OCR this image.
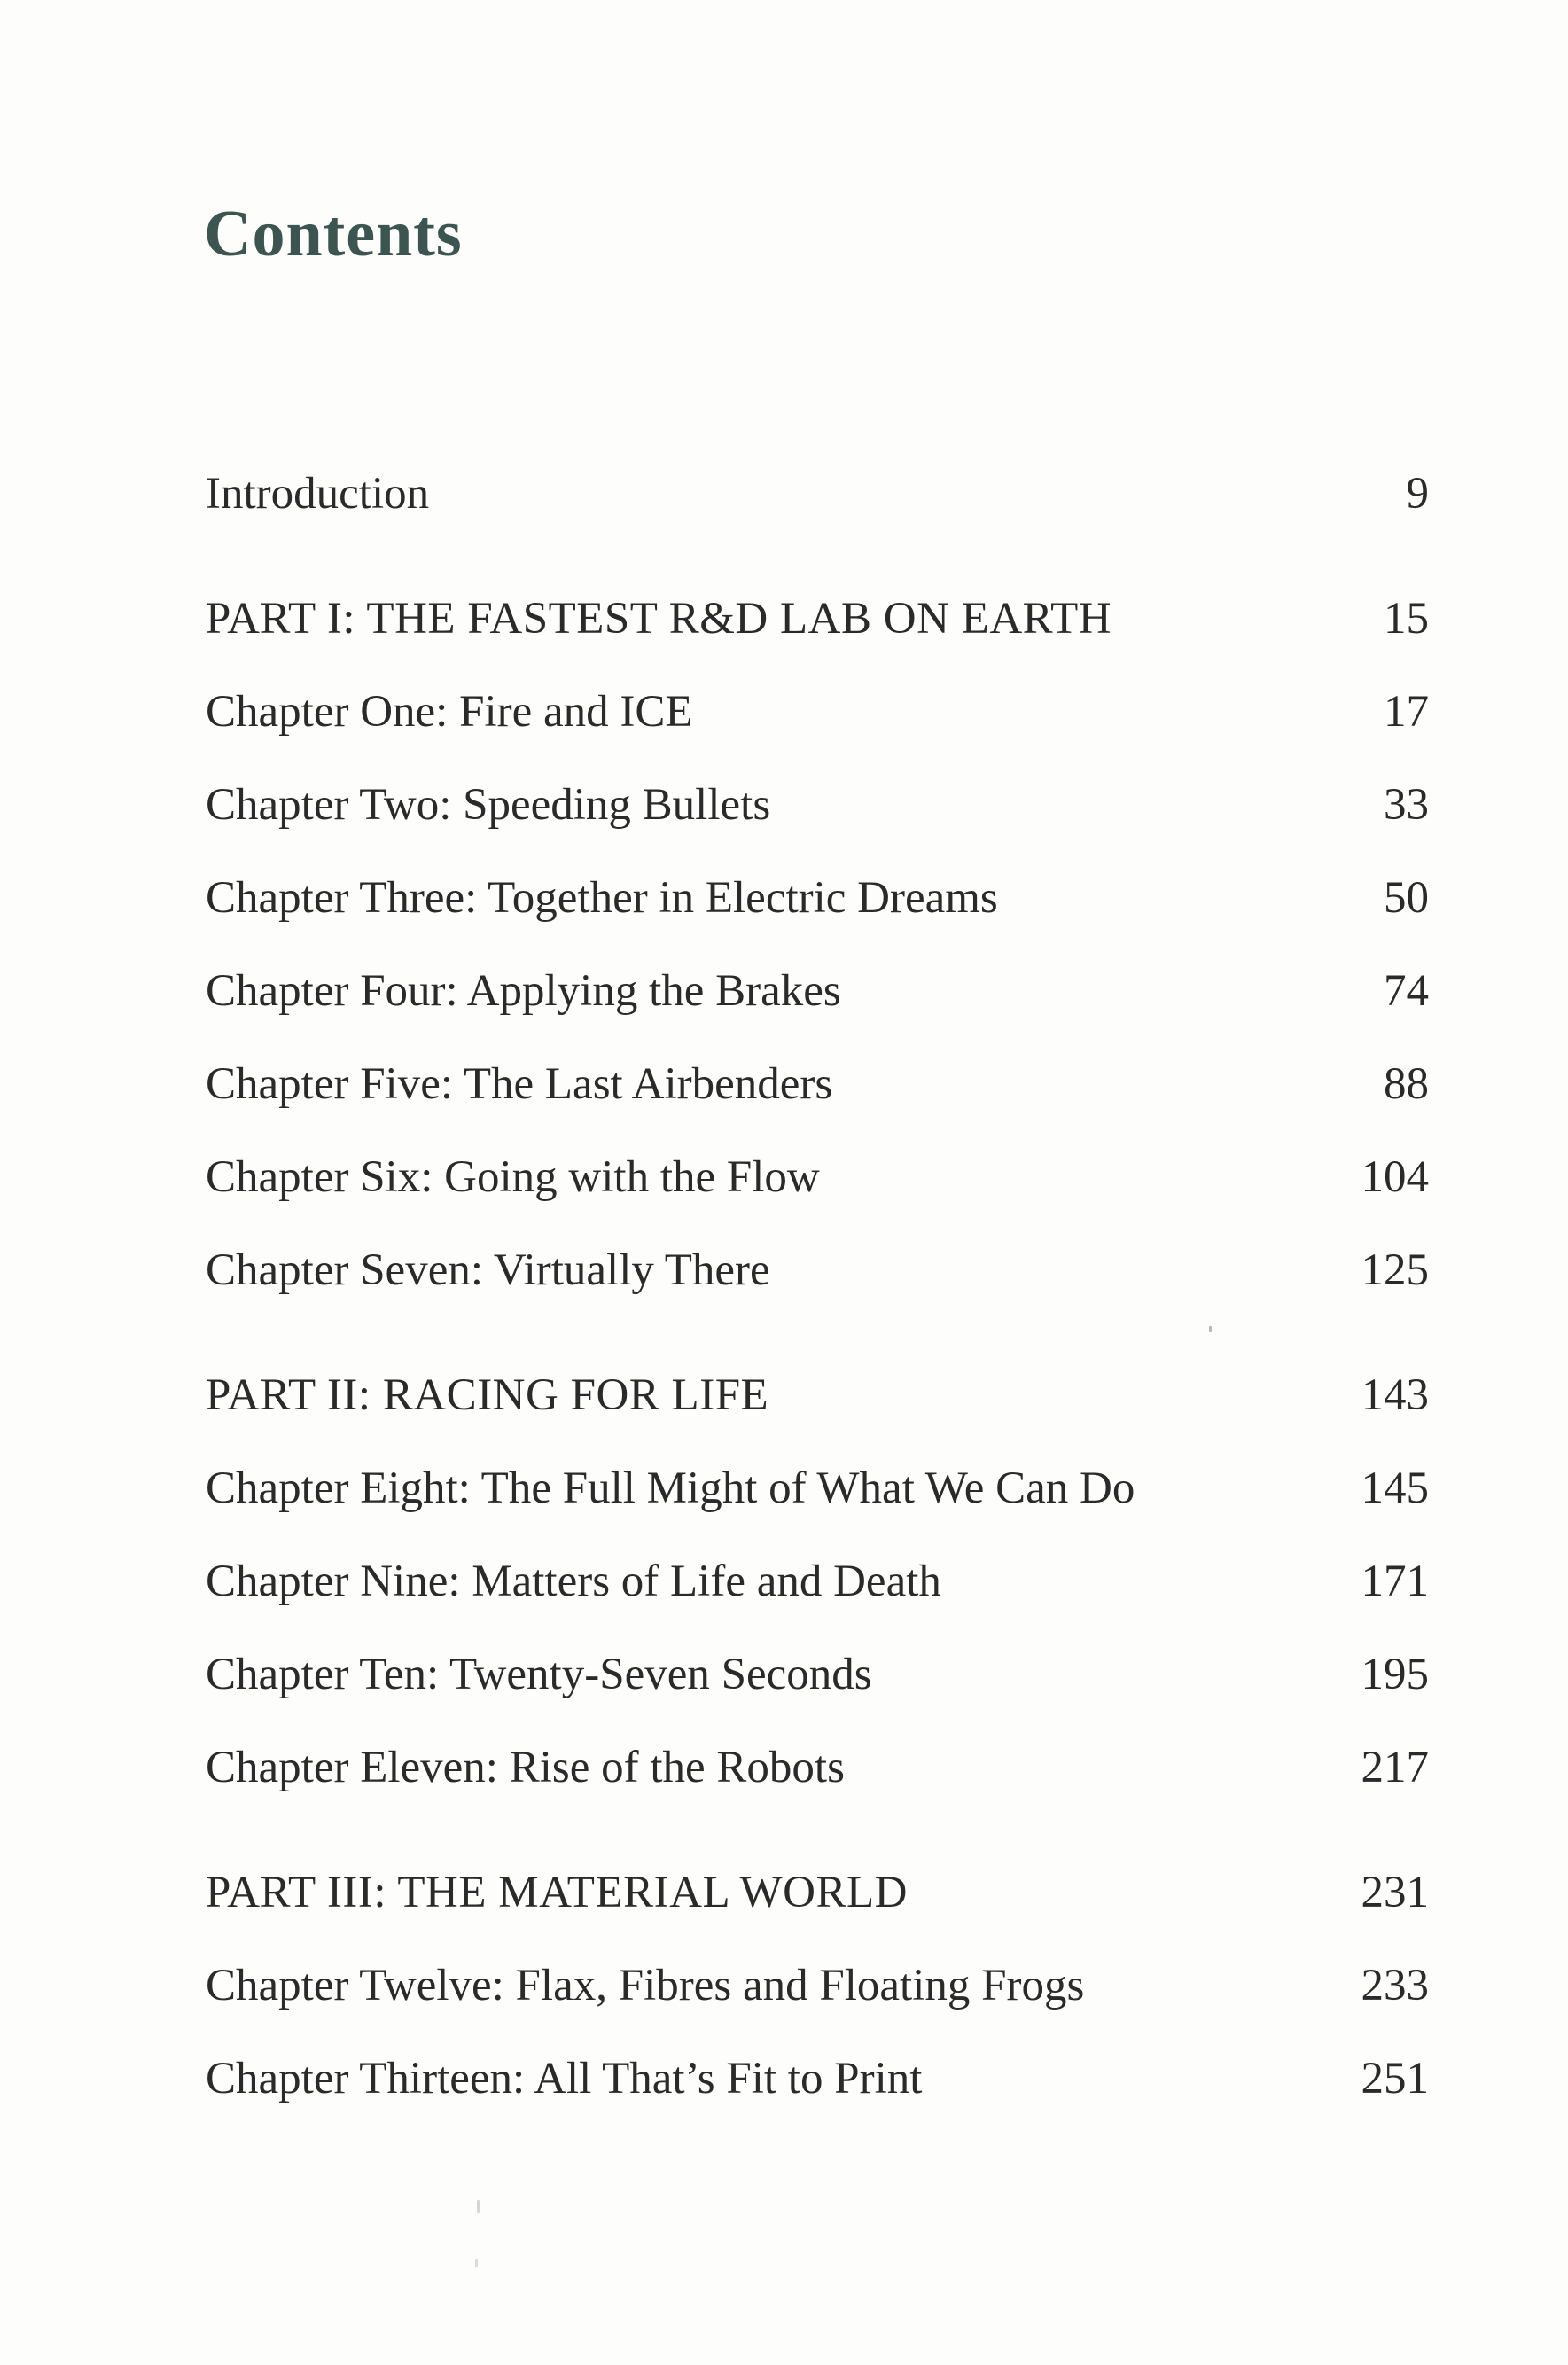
Contents
Introduction	9
PART I: THE FASTEST R&D LAB ON EARTH	15
Chapter One: Fire and ICE	17
Chapter Two: Speeding Bullets	33
Chapter Three: Together in Electric Dreams	50
Chapter Four: Applying the Brakes	74
Chapter Five: The Last Airbenders	88
Chapter Six: Going with the Flow	104
Chapter Seven: Virtually There	125
PART II: RACING FOR LIFE	143
Chapter Eight: The Full Might of What We Can Do	145
Chapter Nine: Matters of Life and Death	171
Chapter Ten: Twenty-Seven Seconds	195
Chapter Eleven: Rise of the Robots	217
PART III: THE MATERIAL WORLD	231
Chapter Twelve: Flax, Fibres and Floating Frogs	233
Chapter Thirteen: All That’s Fit to Print	251
